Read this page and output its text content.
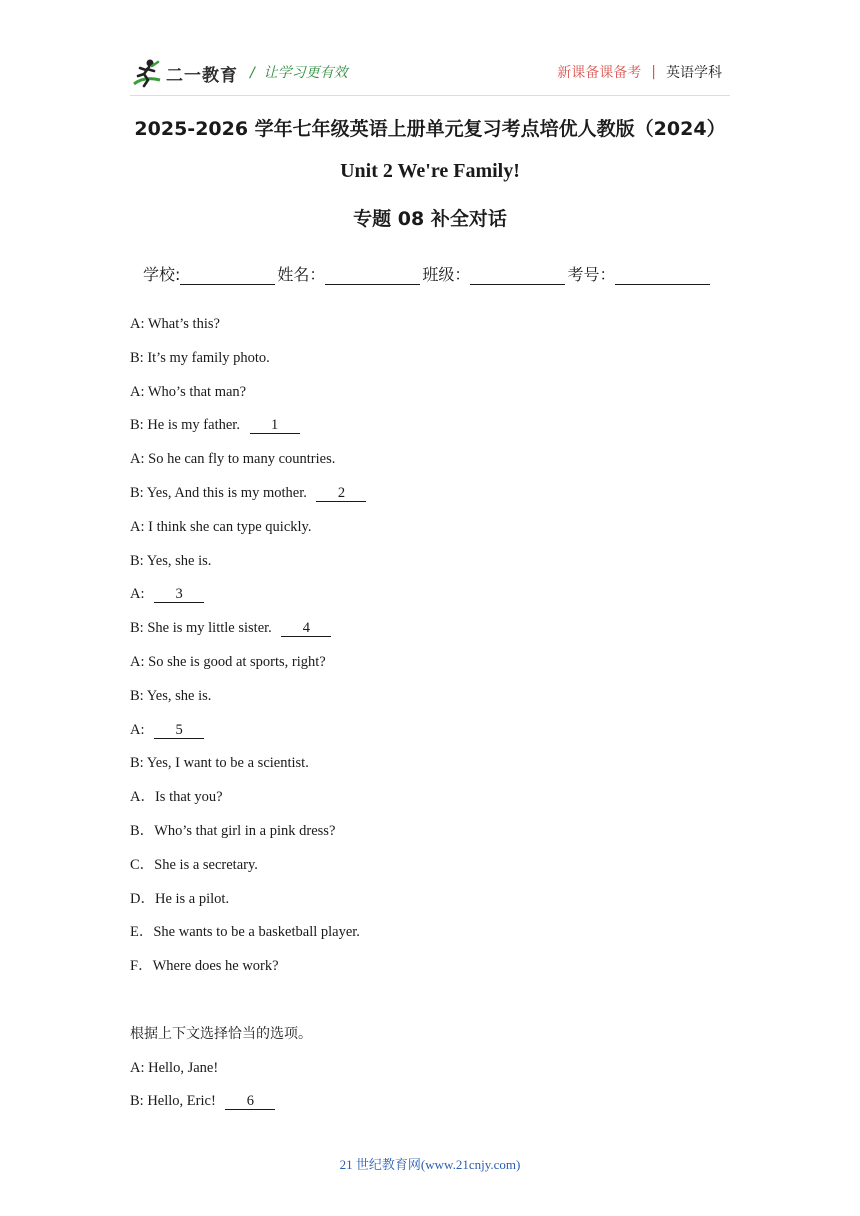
二一教育 /  让学习更有效	新课备课备考 | 英语学科
2025-2026 学年七年级英语上册单元复习考点培优人教版（2024）
Unit 2 We're Family!
专题 08 补全对话
学校:	姓名：	班级：	考号：
A: What’s this?
B: It’s my family photo.
A: Who’s that man?
B: He is my father. 1
A: So he can fly to many countries.
B: Yes, And this is my mother. 2
A: I think she can type quickly.
B: Yes, she is.
A: 3
B: She is my little sister. 4
A: So she is good at sports, right?
B: Yes, she is.
A: 5
B: Yes, I want to be a scientist.
A．Is that you?
B．Who’s that girl in a pink dress?
C．She is a secretary.
D．He is a pilot.
E．She wants to be a basketball player.
F．Where does he work?
根据上下文选择恰当的选项。
A: Hello, Jane!
B: Hello, Eric! 6
21 世纪教育网(www.21cnjy.com)
